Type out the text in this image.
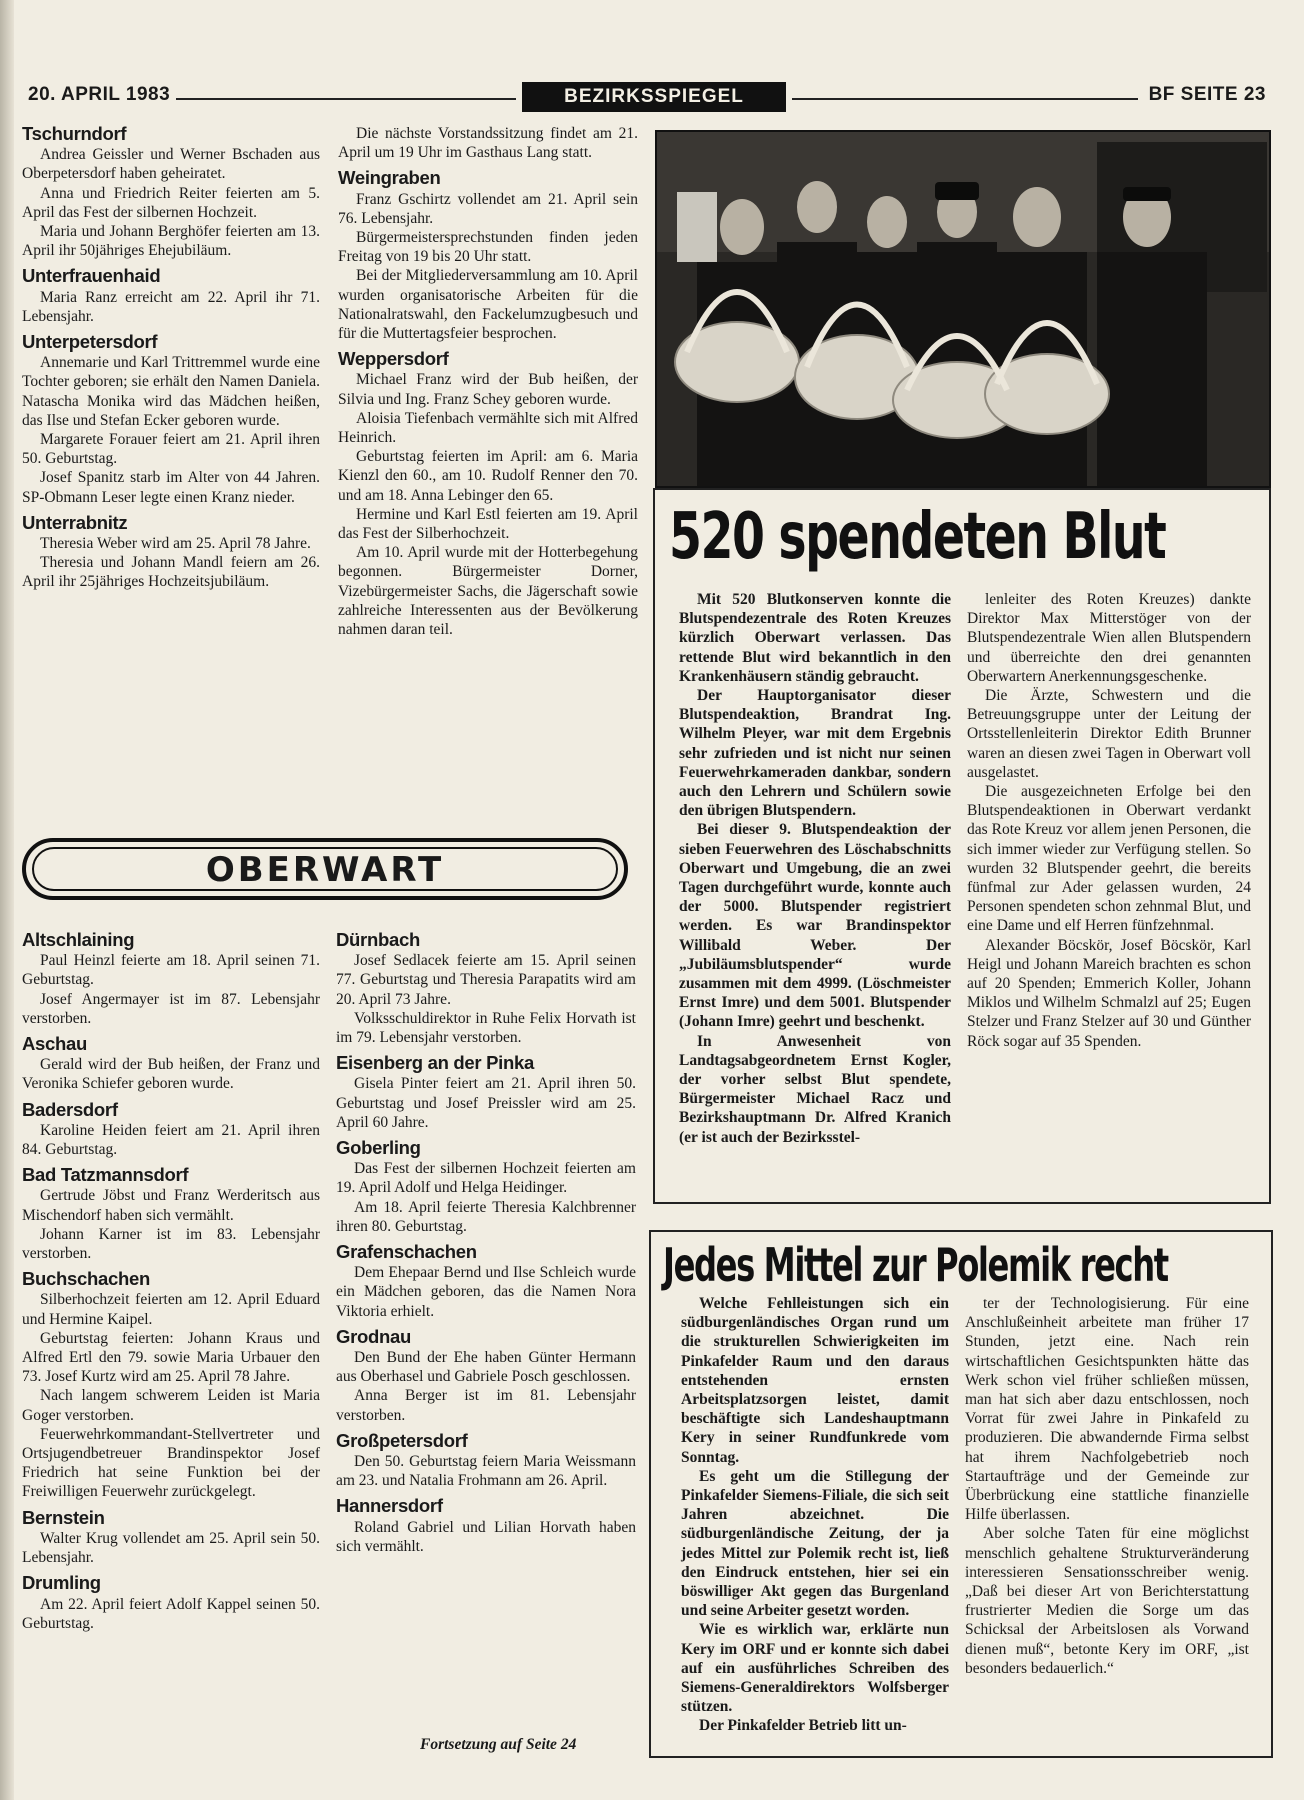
20. APRIL 1983	BEZIRKSSPIEGEL	BF SEITE 23
Tschurndorf

Andrea Geissler und Werner Bschaden aus Oberpetersdorf haben geheiratet.

Anna und Friedrich Reiter feierten am 5. April das Fest der silbernen Hochzeit.

Maria und Johann Berghöfer feierten am 13. April ihr 50jähriges Ehejubiläum.

Unterfrauenhaid

Maria Ranz erreicht am 22. April ihr 71. Lebensjahr.

Unterpetersdorf

Annemarie und Karl Trittremmel wurde eine Tochter geboren; sie erhält den Namen Daniela. Natascha Monika wird das Mädchen heißen, das Ilse und Stefan Ecker geboren wurde.

Margarete Forauer feiert am 21. April ihren 50. Geburtstag.

Josef Spanitz starb im Alter von 44 Jahren. SP-Obmann Leser legte einen Kranz nieder.

Unterrabnitz

Theresia Weber wird am 25. April 78 Jahre.

Theresia und Johann Mandl feiern am 26. April ihr 25jähriges Hochzeitsjubiläum.

Die nächste Vorstandssitzung findet am 21. April um 19 Uhr im Gasthaus Lang statt.

Weingraben

Franz Gschirtz vollendet am 21. April sein 76. Lebensjahr.

Bürgermeistersprechstunden finden jeden Freitag von 19 bis 20 Uhr statt.

Bei der Mitgliederversammlung am 10. April wurden organisatorische Arbeiten für die Nationalratswahl, den Fackelumzugbesuch und für die Muttertagsfeier besprochen.

Weppersdorf

Michael Franz wird der Bub heißen, der Silvia und Ing. Franz Schey geboren wurde.

Aloisia Tiefenbach vermählte sich mit Alfred Heinrich.

Geburtstag feierten im April: am 6. Maria Kienzl den 60., am 10. Rudolf Renner den 70. und am 18. Anna Lebinger den 65.

Hermine und Karl Estl feierten am 19. April das Fest der Silberhochzeit.

Am 10. April wurde mit der Hotterbegehung begonnen. Bürgermeister Dorner, Vizebürgermeister Sachs, die Jägerschaft sowie zahlreiche Interessenten aus der Bevölkerung nahmen daran teil.

OBERWART
Altschlaining

Paul Heinzl feierte am 18. April seinen 71. Geburtstag.

Josef Angermayer ist im 87. Lebensjahr verstorben.

Aschau

Gerald wird der Bub heißen, der Franz und Veronika Schiefer geboren wurde.

Badersdorf

Karoline Heiden feiert am 21. April ihren 84. Geburtstag.

Bad Tatzmannsdorf

Gertrude Jöbst und Franz Werderitsch aus Mischendorf haben sich vermählt.

Johann Karner ist im 83. Lebensjahr verstorben.

Buchschachen

Silberhochzeit feierten am 12. April Eduard und Hermine Kaipel.

Geburtstag feierten: Johann Kraus und Alfred Ertl den 79. sowie Maria Urbauer den 73. Josef Kurtz wird am 25. April 78 Jahre.

Nach langem schwerem Leiden ist Maria Goger verstorben.

Feuerwehrkommandant-Stellvertreter und Ortsjugendbetreuer Brandinspektor Josef Friedrich hat seine Funktion bei der Freiwilligen Feuerwehr zurückgelegt.

Bernstein

Walter Krug vollendet am 25. April sein 50. Lebensjahr.

Drumling

Am 22. April feiert Adolf Kappel seinen 50. Geburtstag.

Dürnbach

Josef Sedlacek feierte am 15. April seinen 77. Geburtstag und Theresia Parapatits wird am 20. April 73 Jahre.

Volksschuldirektor in Ruhe Felix Horvath ist im 79. Lebensjahr verstorben.

Eisenberg an der Pinka

Gisela Pinter feiert am 21. April ihren 50. Geburtstag und Josef Preissler wird am 25. April 60 Jahre.

Goberling

Das Fest der silbernen Hochzeit feierten am 19. April Adolf und Helga Heidinger.

Am 18. April feierte Theresia Kalchbrenner ihren 80. Geburtstag.

Grafenschachen

Dem Ehepaar Bernd und Ilse Schleich wurde ein Mädchen geboren, das die Namen Nora Viktoria erhielt.

Grodnau

Den Bund der Ehe haben Günter Hermann aus Oberhasel und Gabriele Posch geschlossen.

Anna Berger ist im 81. Lebensjahr verstorben.

Großpetersdorf

Den 50. Geburtstag feiern Maria Weissmann am 23. und Natalia Frohmann am 26. April.

Hannersdorf

Roland Gabriel und Lilian Horvath haben sich vermählt.

Fortsetzung auf Seite 24
520 spendeten Blut

Mit 520 Blutkonserven konnte die Blutspendezentrale des Roten Kreuzes kürzlich Oberwart verlassen. Das rettende Blut wird bekanntlich in den Krankenhäusern ständig gebraucht.

Der Hauptorganisator dieser Blutspendeaktion, Brandrat Ing. Wilhelm Pleyer, war mit dem Ergebnis sehr zufrieden und ist nicht nur seinen Feuerwehrkameraden dankbar, sondern auch den Lehrern und Schülern sowie den übrigen Blutspendern.

Bei dieser 9. Blutspendeaktion der sieben Feuerwehren des Löschabschnitts Oberwart und Umgebung, die an zwei Tagen durchgeführt wurde, konnte auch der 5000. Blutspender registriert werden. Es war Brandinspektor Willibald Weber. Der „Jubiläumsblutspender“ wurde zusammen mit dem 4999. (Löschmeister Ernst Imre) und dem 5001. Blutspender (Johann Imre) geehrt und beschenkt.

In Anwesenheit von Landtagsabgeordnetem Ernst Kogler, der vorher selbst Blut spendete, Bürgermeister Michael Racz und Bezirkshauptmann Dr. Alfred Kranich (er ist auch der Bezirksstel-

lenleiter des Roten Kreuzes) dankte Direktor Max Mitterstöger von der Blutspendezentrale Wien allen Blutspendern und überreichte den drei genannten Oberwartern Anerkennungsgeschenke.

Die Ärzte, Schwestern und die Betreuungsgruppe unter der Leitung der Ortsstellenleiterin Direktor Edith Brunner waren an diesen zwei Tagen in Oberwart voll ausgelastet.

Die ausgezeichneten Erfolge bei den Blutspendeaktionen in Oberwart verdankt das Rote Kreuz vor allem jenen Personen, die sich immer wieder zur Verfügung stellen. So wurden 32 Blutspender geehrt, die bereits fünfmal zur Ader gelassen wurden, 24 Personen spendeten schon zehnmal Blut, und eine Dame und elf Herren fünfzehnmal.

Alexander Böcskör, Josef Böcskör, Karl Heigl und Johann Mareich brachten es schon auf 20 Spenden; Emmerich Koller, Johann Miklos und Wilhelm Schmalzl auf 25; Eugen Stelzer und Franz Stelzer auf 30 und Günther Röck sogar auf 35 Spenden.

Jedes Mittel zur Polemik recht

Welche Fehlleistungen sich ein südburgenländisches Organ rund um die strukturellen Schwierigkeiten im Pinkafelder Raum und den daraus entstehenden ernsten Arbeitsplatzsorgen leistet, damit beschäftigte sich Landeshauptmann Kery in seiner Rundfunkrede vom Sonntag.

Es geht um die Stillegung der Pinkafelder Siemens-Filiale, die sich seit Jahren abzeichnet. Die südburgenländische Zeitung, der ja jedes Mittel zur Polemik recht ist, ließ den Eindruck entstehen, hier sei ein böswilliger Akt gegen das Burgenland und seine Arbeiter gesetzt worden.

Wie es wirklich war, erklärte nun Kery im ORF und er konnte sich dabei auf ein ausführliches Schreiben des Siemens-Generaldirektors Wolfsberger stützen.

Der Pinkafelder Betrieb litt un-

ter der Technologisierung. Für eine Anschlußeinheit arbeitete man früher 17 Stunden, jetzt eine. Nach rein wirtschaftlichen Gesichtspunkten hätte das Werk schon viel früher schließen müssen, man hat sich aber dazu entschlossen, noch Vorrat für zwei Jahre in Pinkafeld zu produzieren. Die abwandernde Firma selbst hat ihrem Nachfolgebetrieb noch Startaufträge und der Gemeinde zur Überbrückung eine stattliche finanzielle Hilfe überlassen.

Aber solche Taten für eine möglichst menschlich gehaltene Strukturveränderung interessieren Sensationsschreiber wenig. „Daß bei dieser Art von Berichterstattung frustrierter Medien die Sorge um das Schicksal der Arbeitslosen als Vorwand dienen muß“, betonte Kery im ORF, „ist besonders bedauerlich.“
